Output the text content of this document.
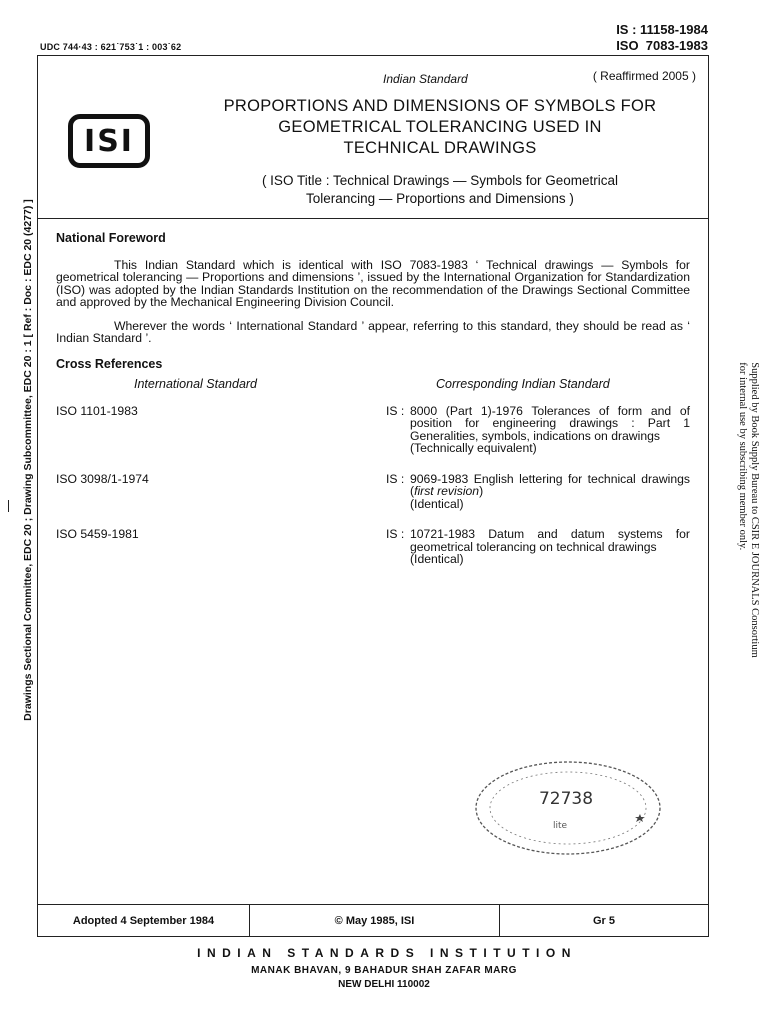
UDC 744·43 : 621˙753˙1 : 003˙62
IS : 11158-1984
ISO  7083-1983
Drawings Sectional Committee, EDC 20 ; Drawing Subcommittee, EDC 20 : 1 [ Ref : Doc : EDC 20 (4277) ]	Supplied by Book Supply Bureau to CSIR E JOURNALS Consortium
for internal use by subscribing member only.
Indian Standard	( Reaffirmed 2005 )
ISI
PROPORTIONS AND DIMENSIONS OF SYMBOLS FOR
GEOMETRICAL TOLERANCING USED IN
TECHNICAL DRAWINGS
( ISO Title : Technical Drawings — Symbols for Geometrical
Tolerancing — Proportions and Dimensions )
National Foreword

This Indian Standard which is identical with ISO 7083-1983 ‘ Technical drawings — Symbols for geometrical tolerancing — Proportions and dimensions ’, issued by the International Organization for Standardization (ISO) was adopted by the Indian Standards Institution on the recommendation of the Drawings Sectional Committee and approved by the Mechanical Engineering Division Council.

Wherever the words ‘ International Standard ’ appear, referring to this standard, they should be read as ‘ Indian Standard ’.

Cross References
International Standard	Corresponding Indian Standard
ISO 1101-1983	IS : 8000 (Part 1)-1976 Tolerances of form and of position for engineering drawings : Part 1 Generalities, symbols, indications on drawings
(Technically equivalent)
ISO 3098/1-1974	IS : 9069-1983 English lettering for technical drawings (first revision)
(Identical)
ISO 5459-1981	IS : 10721-1983 Datum and datum systems for geometrical tolerancing on technical drawings
(Identical)
72738
lite
Adopted 4 September 1984	© May 1985, ISI	Gr 5
INDIAN STANDARDS INSTITUTION
MANAK BHAVAN, 9 BAHADUR SHAH ZAFAR MARG
NEW DELHI 110002
